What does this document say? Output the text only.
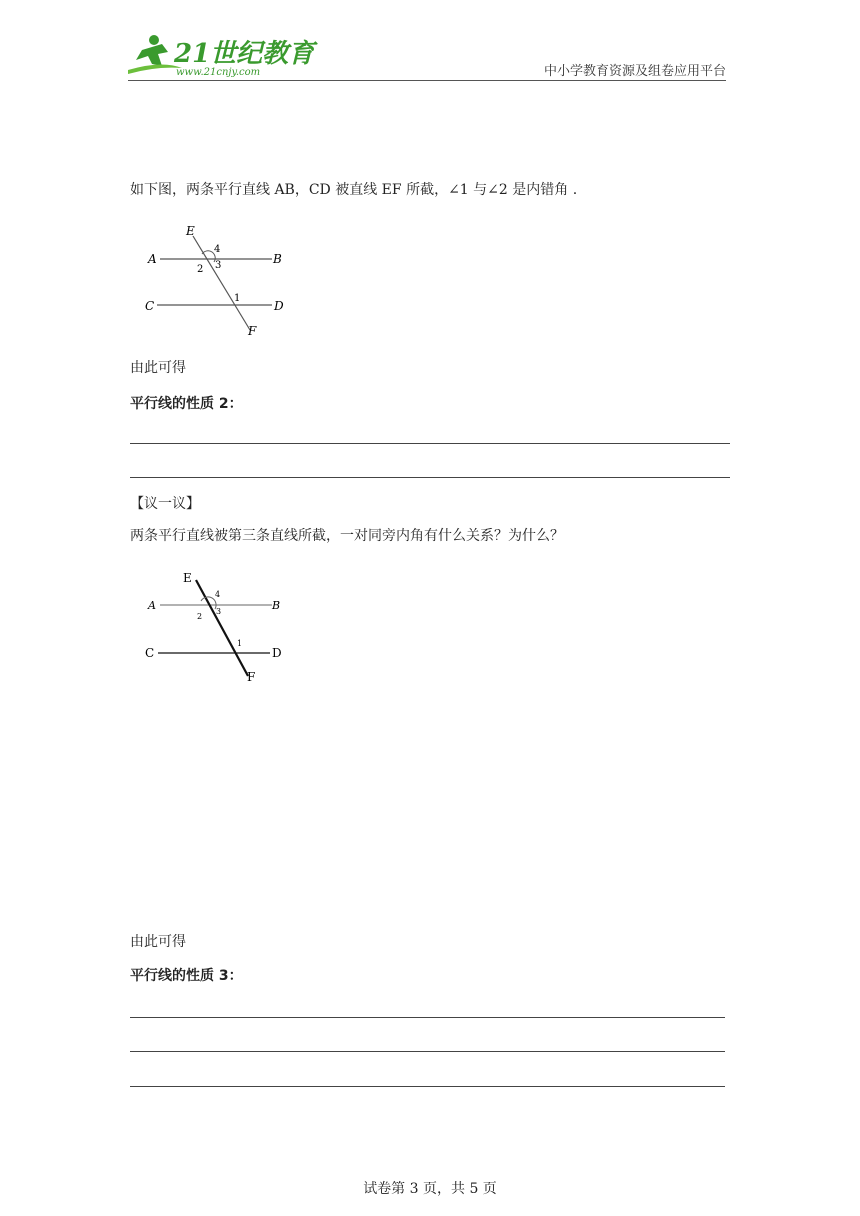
21世纪教育
www.21cnjy.com	中小学教育资源及组卷应用平台
如下图，两条平行直线 AB，CD 被直线 EF 所截，∠1 与∠2 是内错角 .
E
A	B
C	D
F
1
2 3
4
由此可得
平行线的性质 2：
【议一议】
两条平行直线被第三条直线所截，一对同旁内角有什么关系？为什么？
E
A	B
C	D
F
1
2
3
4
由此可得
平行线的性质 3：
试卷第 3 页，共 5 页
